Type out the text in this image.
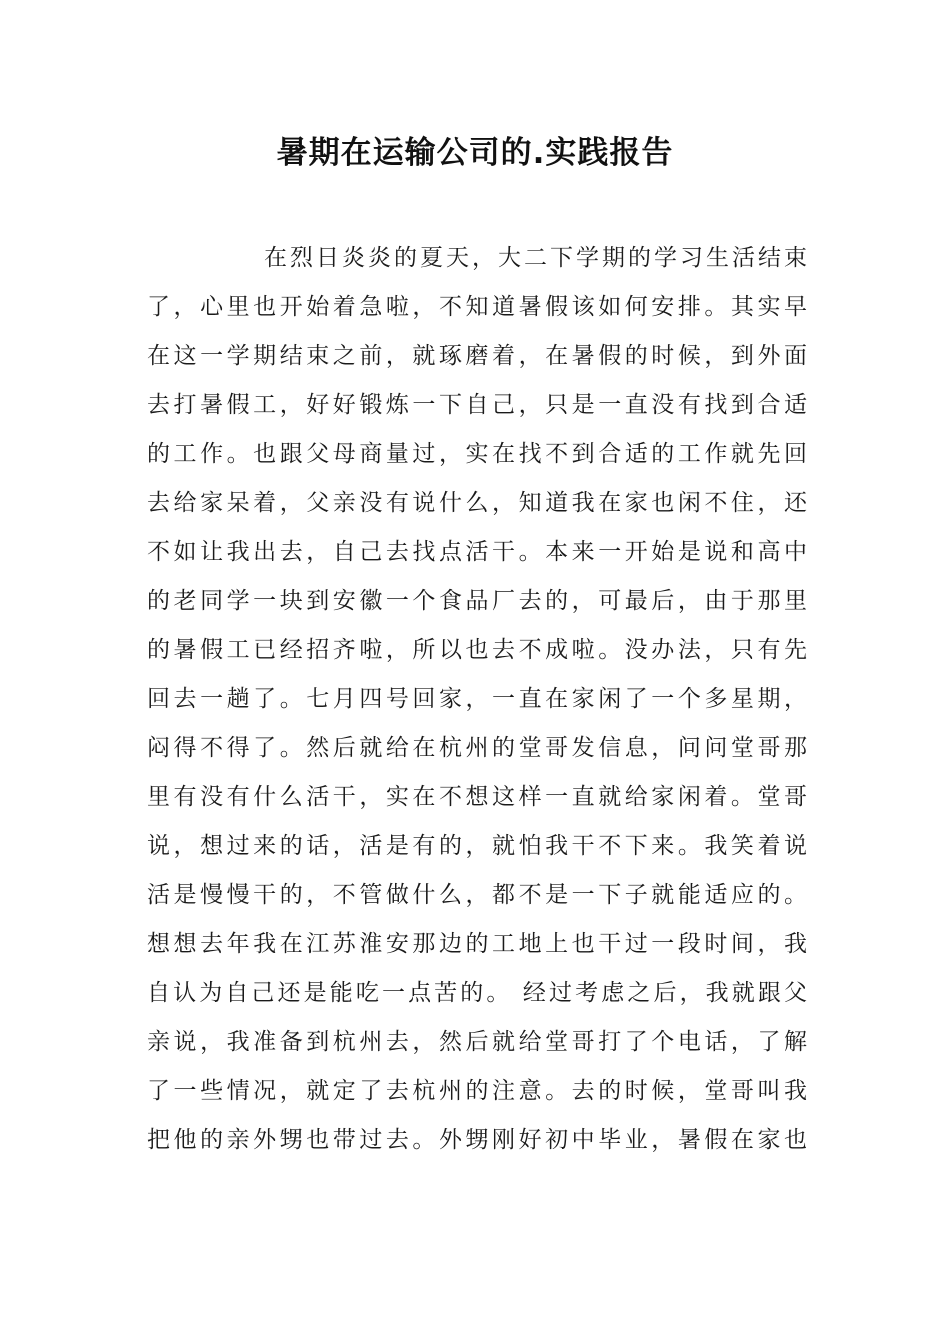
暑期在运输公司的.实践报告
在烈日炎炎的夏天，大二下学期的学习生活结束
了，心里也开始着急啦，不知道暑假该如何安排。其实早
在这一学期结束之前，就琢磨着，在暑假的时候，到外面
去打暑假工，好好锻炼一下自己，只是一直没有找到合适
的工作。也跟父母商量过，实在找不到合适的工作就先回
去给家呆着，父亲没有说什么，知道我在家也闲不住，还
不如让我出去，自己去找点活干。本来一开始是说和高中
的老同学一块到安徽一个食品厂去的，可最后，由于那里
的暑假工已经招齐啦，所以也去不成啦。没办法，只有先
回去一趟了。七月四号回家，一直在家闲了一个多星期，
闷得不得了。然后就给在杭州的堂哥发信息，问问堂哥那
里有没有什么活干，实在不想这样一直就给家闲着。堂哥
说，想过来的话，活是有的，就怕我干不下来。我笑着说
活是慢慢干的，不管做什么，都不是一下子就能适应的。
想想去年我在江苏淮安那边的工地上也干过一段时间，我
自认为自己还是能吃一点苦的。 经过考虑之后，我就跟父
亲说，我准备到杭州去，然后就给堂哥打了个电话，了解
了一些情况，就定了去杭州的注意。去的时候，堂哥叫我
把他的亲外甥也带过去。外甥刚好初中毕业，暑假在家也
